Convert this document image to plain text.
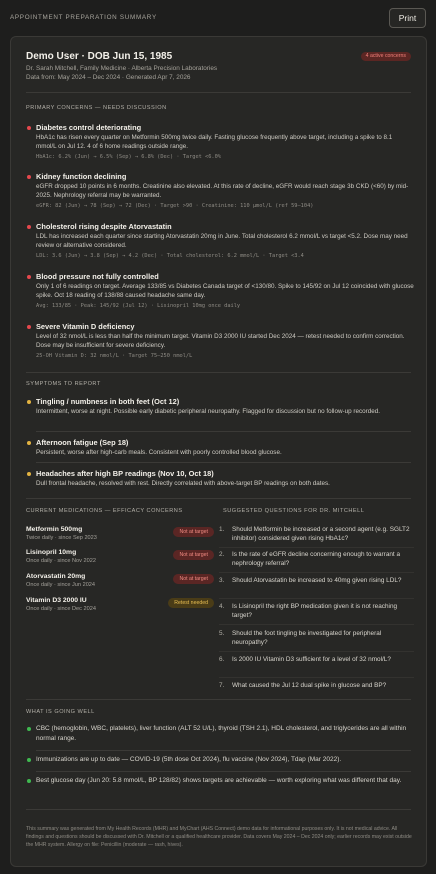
APPOINTMENT PREPARATION SUMMARY	Print
Demo User · DOB Jun 15, 1985
Dr. Sarah Mitchell, Family Medicine · Alberta Precision Laboratories
Data from: May 2024 – Dec 2024 · Generated Apr 7, 2026
4 active concerns
PRIMARY CONCERNS — NEEDS DISCUSSION
Diabetes control deteriorating
HbA1c has risen every quarter on Metformin 500mg twice daily. Fasting glucose frequently above target, including a spike to 8.1 mmol/L on Jul 12. 4 of 6 home readings outside range.
HbA1c: 6.2% (Jun) → 6.5% (Sep) → 6.8% (Dec) · Target <6.0%
Kidney function declining
eGFR dropped 10 points in 6 months. Creatinine also elevated. At this rate of decline, eGFR would reach stage 3b CKD (<60) by mid-2025. Nephrology referral may be warranted.
eGFR: 82 (Jun) → 78 (Sep) → 72 (Dec) · Target >90 · Creatinine: 110 µmol/L (ref 59–104)
Cholesterol rising despite Atorvastatin
LDL has increased each quarter since starting Atorvastatin 20mg in June. Total cholesterol 6.2 mmol/L vs target <5.2. Dose may need review or alternative considered.
LDL: 3.6 (Jun) → 3.8 (Sep) → 4.2 (Dec) · Total cholesterol: 6.2 mmol/L · Target <3.4
Blood pressure not fully controlled
Only 1 of 6 readings on target. Average 133/85 vs Diabetes Canada target of <130/80. Spike to 145/92 on Jul 12 coincided with glucose spike. Oct 18 reading of 138/88 caused headache same day.
Avg: 133/85 · Peak: 145/92 (Jul 12) · Lisinopril 10mg once daily
Severe Vitamin D deficiency
Level of 32 nmol/L is less than half the minimum target. Vitamin D3 2000 IU started Dec 2024 — retest needed to confirm correction. Dose may be insufficient for severe deficiency.
25-OH Vitamin D: 32 nmol/L · Target 75–250 nmol/L
SYMPTOMS TO REPORT
Tingling / numbness in both feet (Oct 12)
Intermittent, worse at night. Possible early diabetic peripheral neuropathy. Flagged for discussion but no follow-up recorded.
Afternoon fatigue (Sep 18)
Persistent, worse after high-carb meals. Consistent with poorly controlled blood glucose.
Headaches after high BP readings (Nov 10, Oct 18)
Dull frontal headache, resolved with rest. Directly correlated with above-target BP readings on both dates.
CURRENT MEDICATIONS — EFFICACY CONCERNS	SUGGESTED QUESTIONS FOR DR. MITCHELL
Metformin 500mg
Twice daily · since Sep 2023
Not at target
Lisinopril 10mg
Once daily · since Nov 2022
Not at target
Atorvastatin 20mg
Once daily · since Jun 2024
Not at target
Vitamin D3 2000 IU
Once daily · since Dec 2024
Retest needed
1. Should Metformin be increased or a second agent (e.g. SGLT2 inhibitor) considered given rising HbA1c?
2. Is the rate of eGFR decline concerning enough to warrant a nephrology referral?
3. Should Atorvastatin be increased to 40mg given rising LDL?
4. Is Lisinopril the right BP medication given it is not reaching target?
5. Should the foot tingling be investigated for peripheral neuropathy?
6. Is 2000 IU Vitamin D3 sufficient for a level of 32 nmol/L?
7. What caused the Jul 12 dual spike in glucose and BP?
WHAT IS GOING WELL
CBC (hemoglobin, WBC, platelets), liver function (ALT 52 U/L), thyroid (TSH 2.1), HDL cholesterol, and triglycerides are all within normal range.
Immunizations are up to date — COVID-19 (5th dose Oct 2024), flu vaccine (Nov 2024), Tdap (Mar 2022).
Best glucose day (Jun 20: 5.8 mmol/L, BP 128/82) shows targets are achievable — worth exploring what was different that day.
This summary was generated from My Health Records (MHR) and MyChart (AHS Connect) demo data for informational purposes only. It is not medical advice. All findings and questions should be discussed with Dr. Mitchell or a qualified healthcare provider. Data covers May 2024 – Dec 2024 only; earlier records may exist outside the MHR system. Allergy on file: Penicillin (moderate — rash, hives).
